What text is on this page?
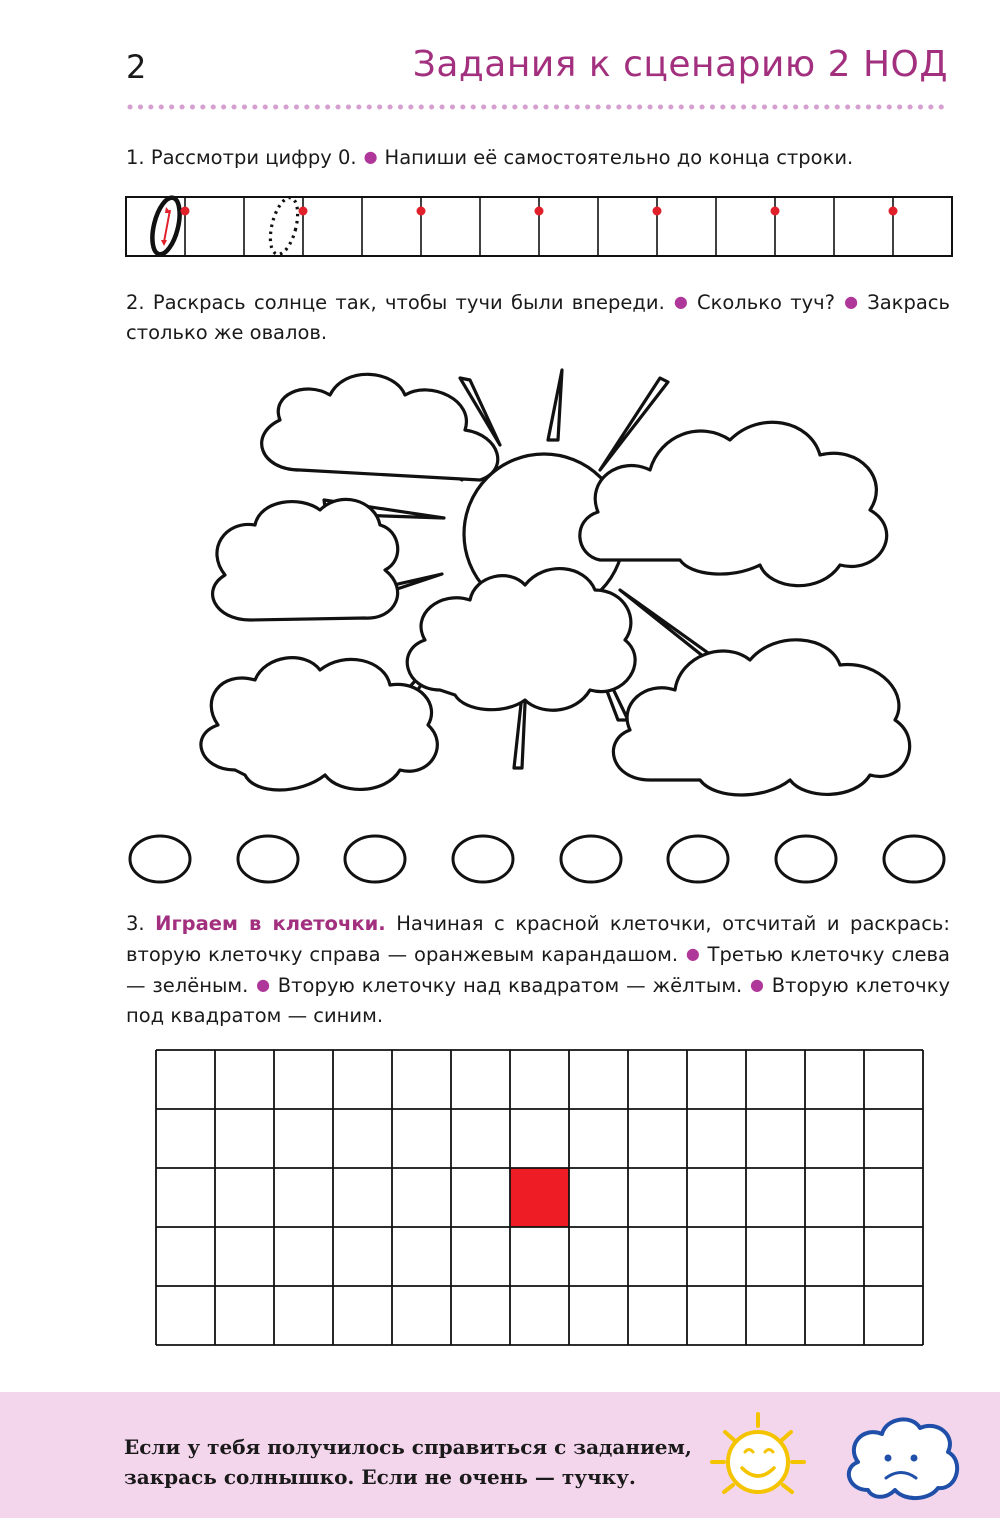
2	Задания к сценарию 2 НОД
1. Рассмотри цифру 0. ● Напиши её самостоятельно до конца строки.
2. Раскрась солнце так, чтобы тучи были впереди. ● Сколько туч? ● Закрась столько же овалов.
3. Играем в клеточки. Начиная с красной клеточки, отсчитай и раскрась: вторую клеточку справа — оранжевым карандашом. ● Третью клеточку слева — зелёным. ● Вторую клеточку над квадратом — жёлтым. ● Вторую клеточку под квадратом — синим.
Если у тебя получилось справиться с заданием,
закрась солнышко. Если не очень — тучку.
